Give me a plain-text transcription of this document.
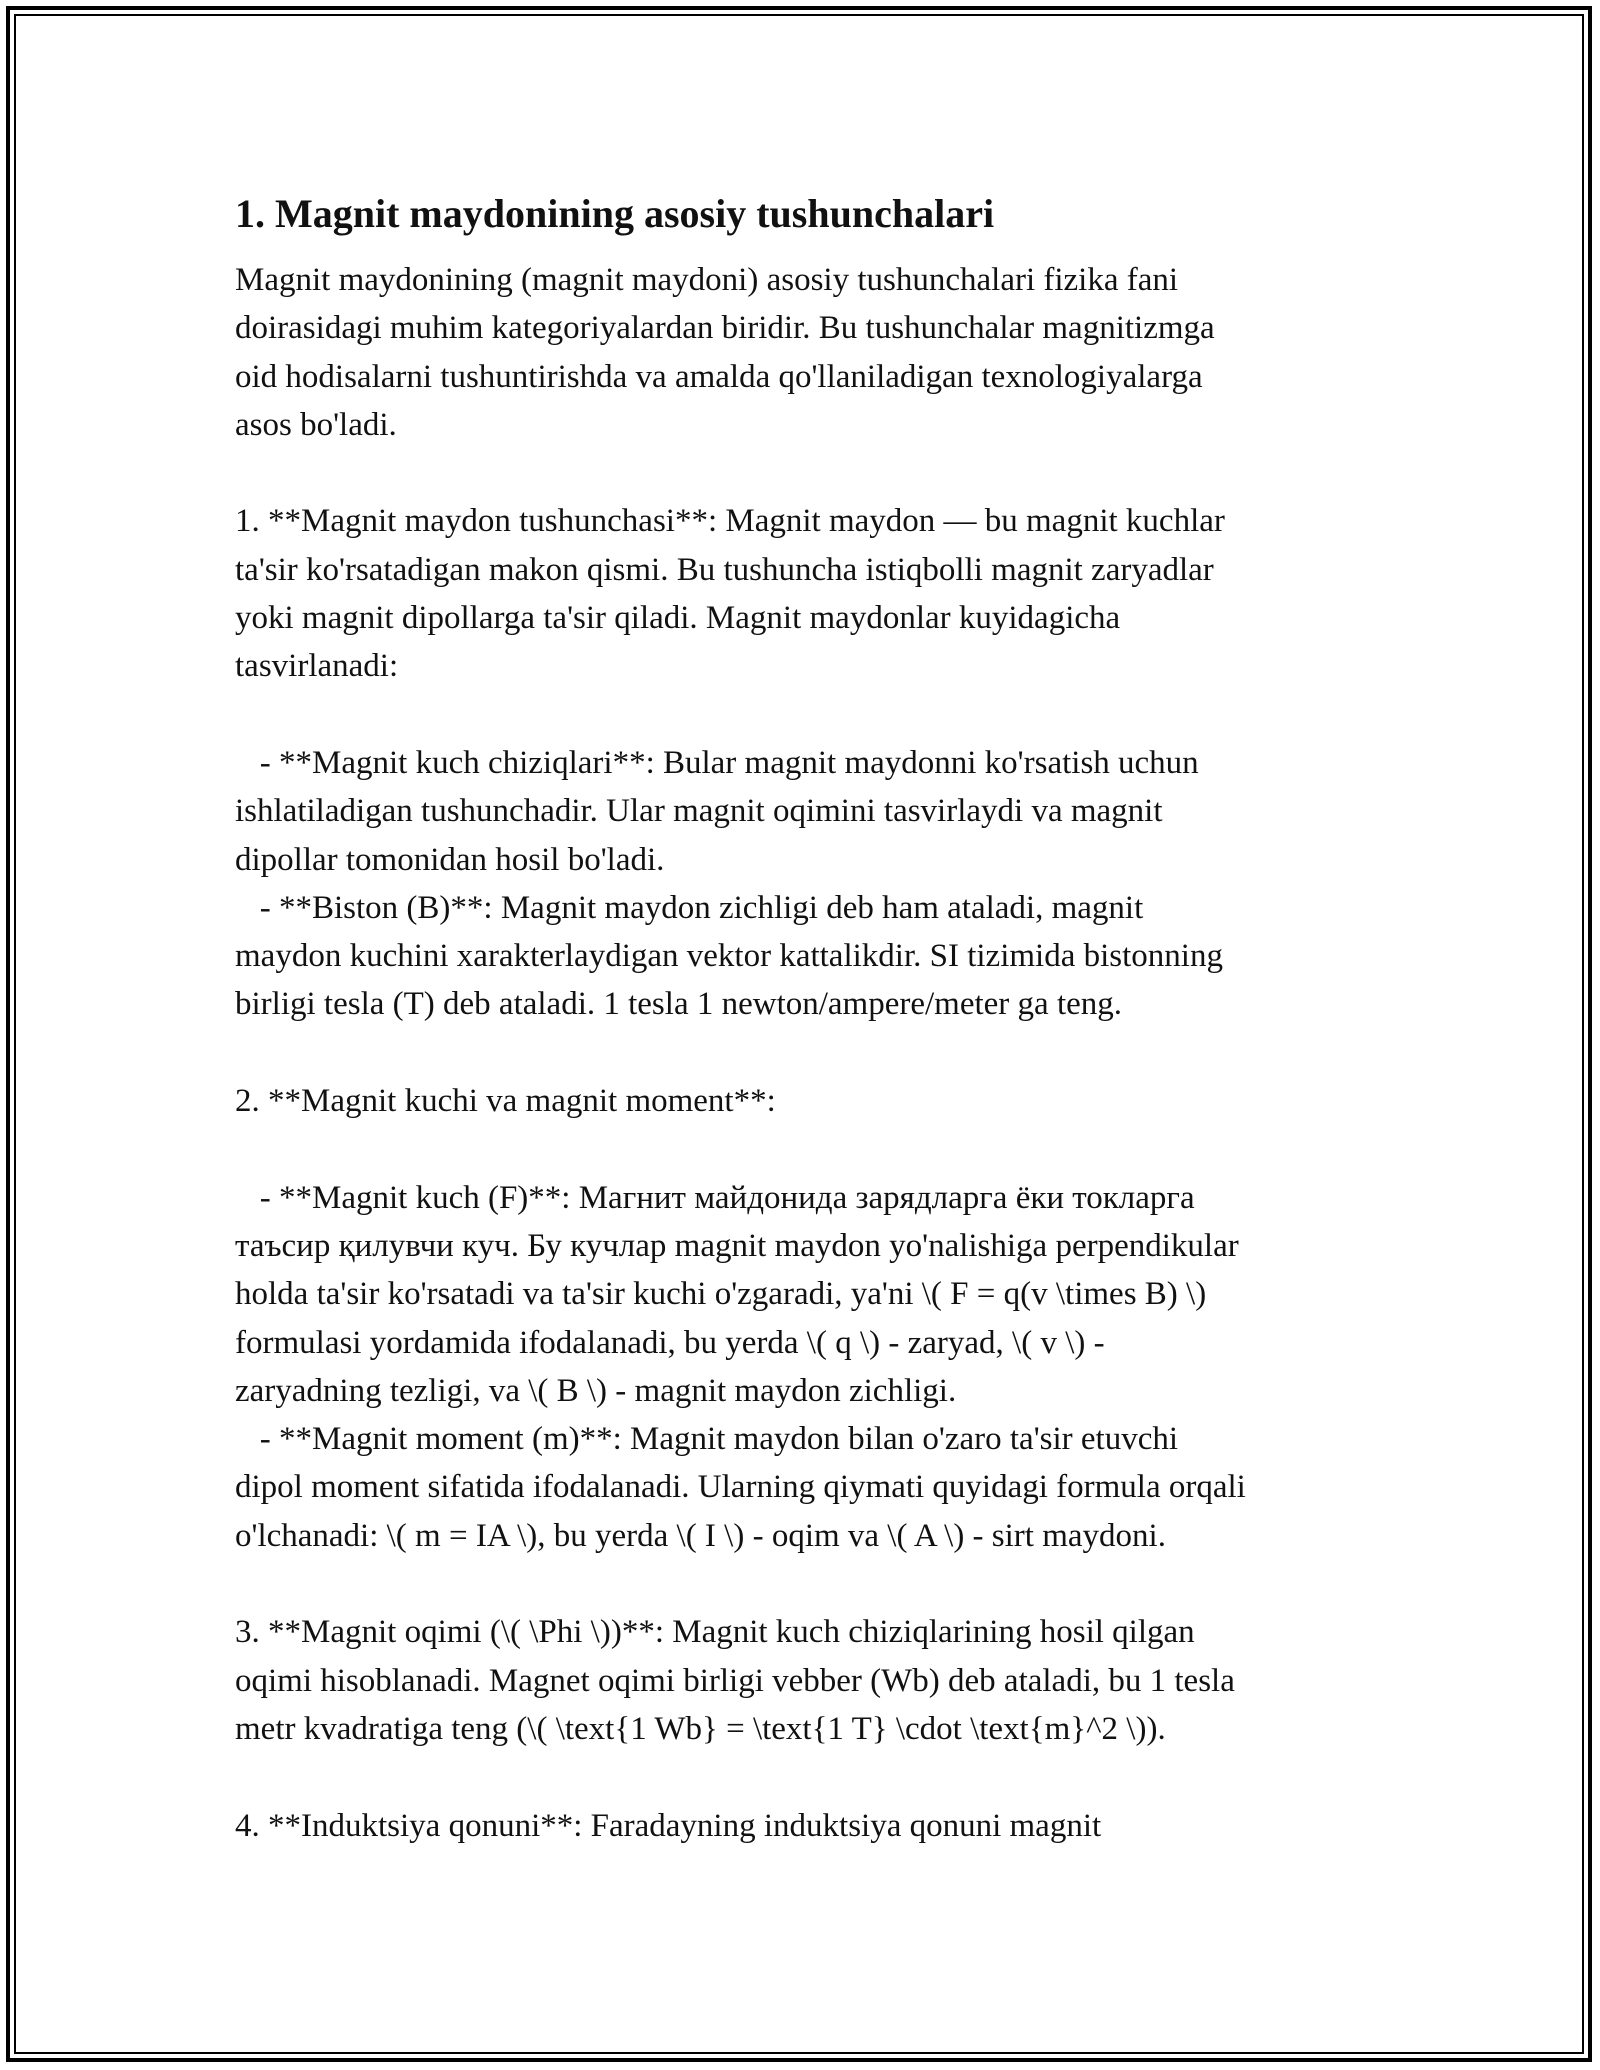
1. Magnit maydonining asosiy tushunchalari

Magnit maydonining (magnit maydoni) asosiy tushunchalari fizika fani
doirasidagi muhim kategoriyalardan biridir. Bu tushunchalar magnitizmga
oid hodisalarni tushuntirishda va amalda qo'llaniladigan texnologiyalarga
asos bo'ladi.

1. **Magnit maydon tushunchasi**: Magnit maydon — bu magnit kuchlar
ta'sir ko'rsatadigan makon qismi. Bu tushuncha istiqbolli magnit zaryadlar
yoki magnit dipollarga ta'sir qiladi. Magnit maydonlar kuyidagicha
tasvirlanadi:

- **Magnit kuch chiziqlari**: Bular magnit maydonni ko'rsatish uchun
ishlatiladigan tushunchadir. Ular magnit oqimini tasvirlaydi va magnit
dipollar tomonidan hosil bo'ladi.
- **Biston (B)**: Magnit maydon zichligi deb ham ataladi, magnit
maydon kuchini xarakterlaydigan vektor kattalikdir. SI tizimida bistonning
birligi tesla (T) deb ataladi. 1 tesla 1 newton/ampere/meter ga teng.

2. **Magnit kuchi va magnit moment**:

- **Magnit kuch (F)**: Магнит майдонида зарядларга ёки токларга
таъсир қилувчи куч. Бу кучлар magnit maydon yo'nalishiga perpendikular
holda ta'sir ko'rsatadi va ta'sir kuchi o'zgaradi, ya'ni \( F = q(v \times B) \)
formulasi yordamida ifodalanadi, bu yerda \( q \) - zaryad, \( v \) -
zaryadning tezligi, va \( B \) - magnit maydon zichligi.
- **Magnit moment (m)**: Magnit maydon bilan o'zaro ta'sir etuvchi
dipol moment sifatida ifodalanadi. Ularning qiymati quyidagi formula orqali
o'lchanadi: \( m = IA \), bu yerda \( I \) - oqim va \( A \) - sirt maydoni.

3. **Magnit oqimi (\( \Phi \))**: Magnit kuch chiziqlarining hosil qilgan
oqimi hisoblanadi. Magnet oqimi birligi vebber (Wb) deb ataladi, bu 1 tesla
metr kvadratiga teng (\( \text{1 Wb} = \text{1 T} \cdot \text{m}^2 \)).

4. **Induktsiya qonuni**: Faradayning induktsiya qonuni magnit
